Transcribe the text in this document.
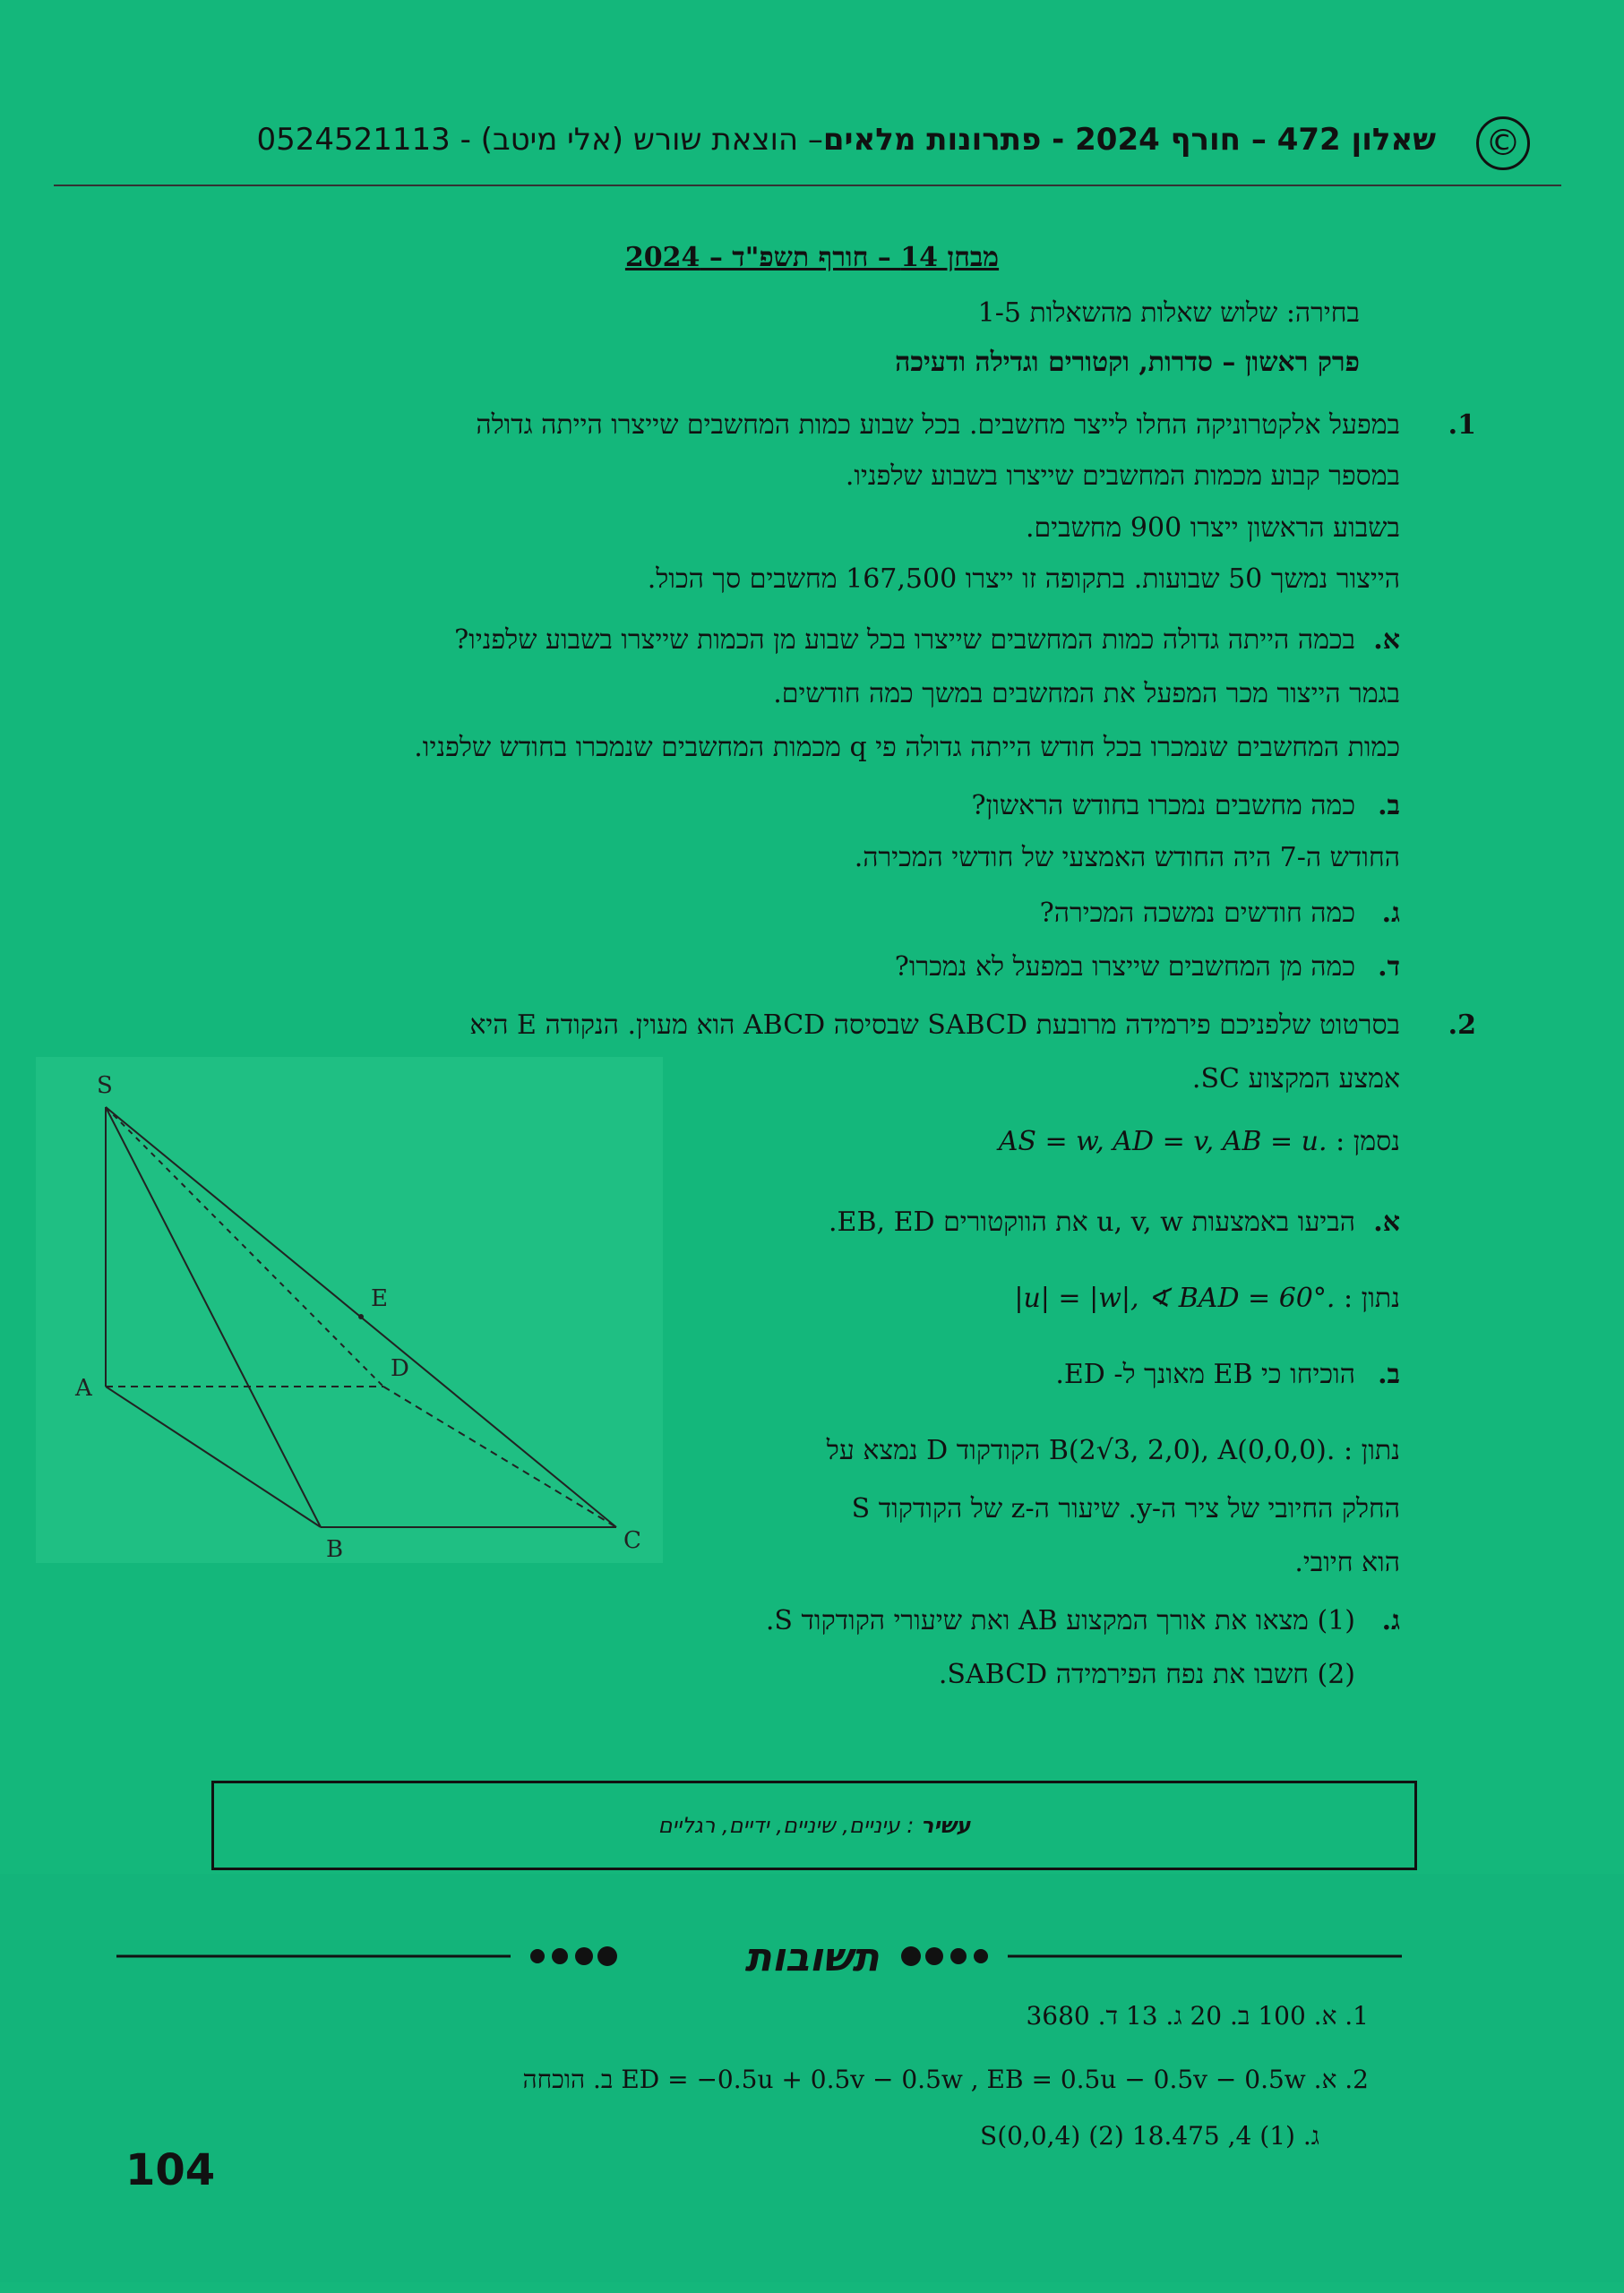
©
שאלון 472 – חורף 2024 - פתרונות מלאים– הוצאת שורש (אלי מיטב) - 0524521113
מבחן 14 – חורף תשפ"ד – 2024
בחירה: שלוש שאלות מהשאלות 1-5
פרק ראשון – סדרות, וקטורים וגדילה ודעיכה
1.
במפעל אלקטרוניקה החלו לייצר מחשבים. בכל שבוע כמות המחשבים שייצרו הייתה גדולה
במספר קבוע מכמות המחשבים שייצרו בשבוע שלפניו.
בשבוע הראשון ייצרו 900 מחשבים.
הייצור נמשך 50 שבועות. בתקופה זו ייצרו 167,500 מחשבים סך הכול.
א.
בכמה הייתה גדולה כמות המחשבים שייצרו בכל שבוע מן הכמות שייצרו בשבוע שלפניו?
בגמר הייצור מכר המפעל את המחשבים במשך כמה חודשים.
כמות המחשבים שנמכרו בכל חודש הייתה גדולה פי q מכמות המחשבים שנמכרו בחודש שלפניו.
ב.
כמה מחשבים נמכרו בחודש הראשון?
החודש ה-7 היה החודש האמצעי של חודשי המכירה.
ג.
כמה חודשים נמשכה המכירה?
ד.
כמה מן המחשבים שייצרו במפעל לא נמכרו?
2.
בסרטוט שלפניכם פירמידה מרובעת SABCD שבסיסה ABCD הוא מעוין. הנקודה E היא
אמצע המקצוע SC.
נסמן : AS = w, AD = v, AB = u.
א.
הביעו באמצעות u, v, w את הווקטורים EB, ED.
נתון : |u| = |w|, ∢ BAD = 60°.
ב.
הוכיחו כי EB מאונך ל- ED.
נתון : B(2√3, 2,0), A(0,0,0). הקודקוד D נמצא על
החלק החיובי של ציר ה-y. שיעור ה-z של הקודקוד S
הוא חיובי.
ג.
(1) מצאו את אורך המקצוע AB ואת שיעורי הקודקוד S.
(2) חשבו את נפח הפירמידה SABCD.
S
A
B	C
D
E
עשיר

: עיניים, שיניים, ידיים, רגליים
תשובות
1. א. 100 ב. 20 ג. 13 ד. 3680
2. א. ED = −0.5u + 0.5v − 0.5w , EB = 0.5u − 0.5v − 0.5w ב. הוכחה
ג. (1) 4, S(0,0,4) (2) 18.475
104
